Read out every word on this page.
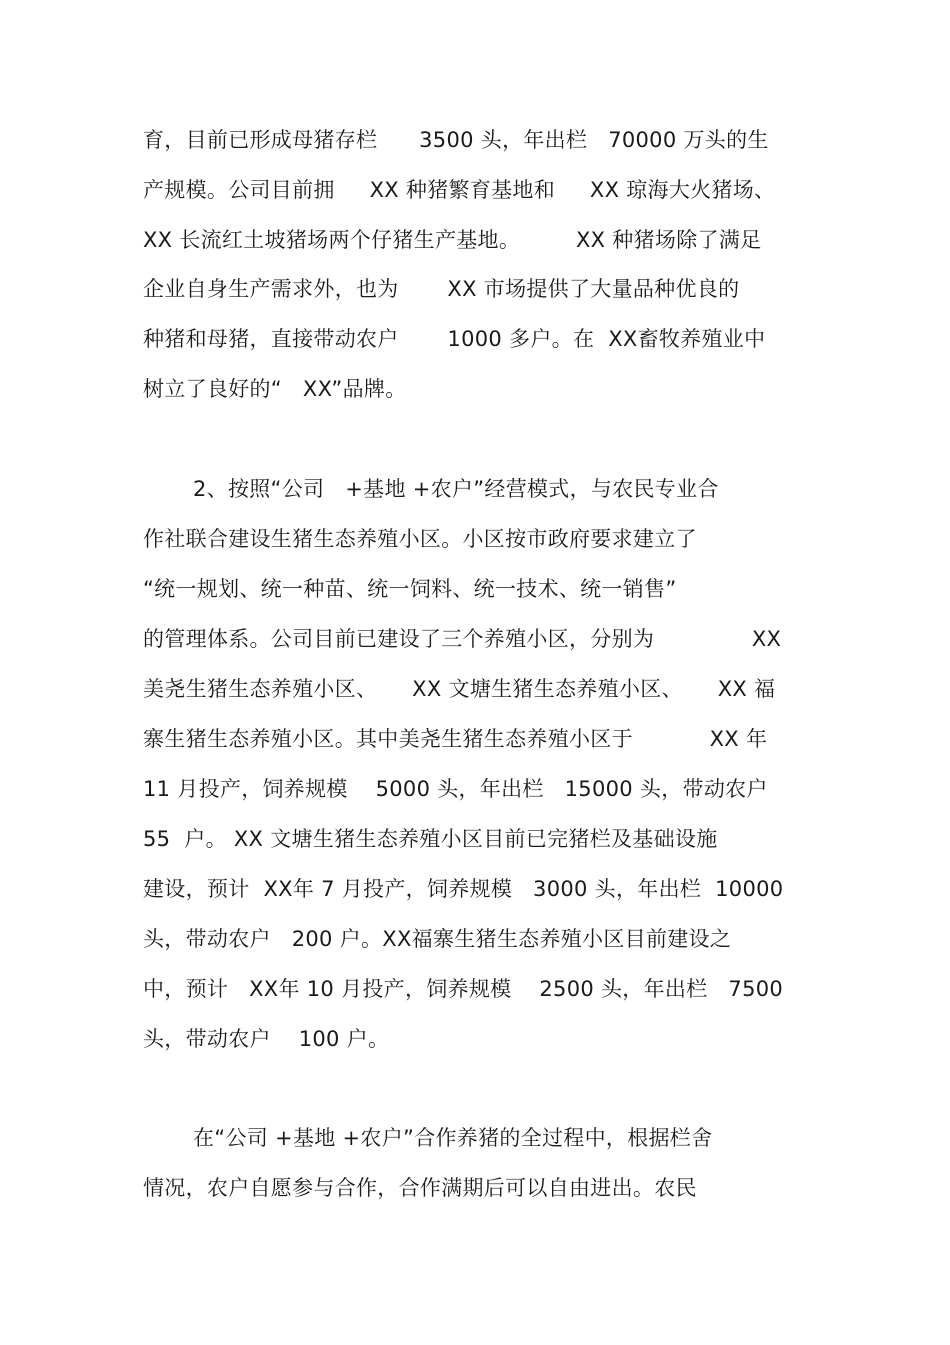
育，目前已形成母猪存栏      3500 头，年出栏   70000 万头的生
产规模。公司目前拥     XX 种猪繁育基地和     XX 琼海大火猪场、
XX 长流红土坡猪场两个仔猪生产基地。        XX 种猪场除了满足
企业自身生产需求外，也为       XX 市场提供了大量品种优良的
种猪和母猪，直接带动农户       1000 多户。在  XX畜牧养殖业中
树立了良好的“   XX”品牌。
2、按照“公司   +基地 +农户”经营模式，与农民专业合
作社联合建设生猪生态养殖小区。小区按市政府要求建立了
“统一规划、统一种苗、统一饲料、统一技术、统一销售”
的管理体系。公司目前已建设了三个养殖小区，分别为              XX
美尧生猪生态养殖小区、     XX 文塘生猪生态养殖小区、     XX 福
寨生猪生态养殖小区。其中美尧生猪生态养殖小区于           XX 年
11 月投产，饲养规模    5000 头，年出栏   15000 头，带动农户
55  户。 XX 文塘生猪生态养殖小区目前已完猪栏及基础设施
建设，预计  XX年 7 月投产，饲养规模   3000 头，年出栏  10000
头，带动农户   200 户。XX福寨生猪生态养殖小区目前建设之
中，预计   XX年 10 月投产，饲养规模    2500 头，年出栏   7500
头，带动农户    100 户。
在“公司 +基地 +农户”合作养猪的全过程中，根据栏舍
情况，农户自愿参与合作，合作满期后可以自由进出。农民
